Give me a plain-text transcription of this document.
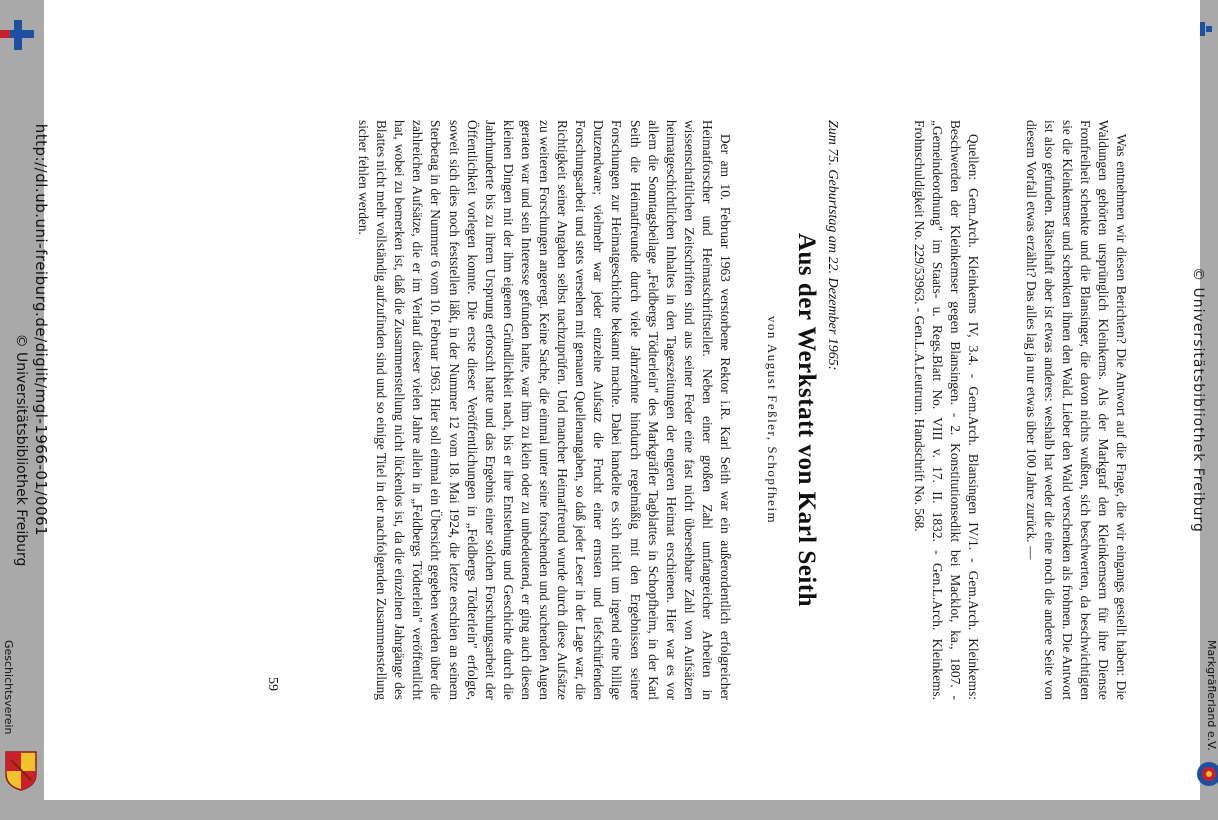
© Universitätsbibliothek Freiburg
Markgräflerland e.V.

Was entnehmen wir diesen Berichten? Die Antwort auf die Frage, die wir eingangs gestellt haben: Die Waldungen gehörten ursprünglich Kleinkems. Als der Markgraf den Kleinkemsern für ihre Dienste Fronfreiheit schenkte und die Blansinger, die davon nichts wußten, sich beschwerten, da beschwichtigten sie die Kleinkemser und schenkten ihnen den Wald. Lieber den Wald verschenken als frohnen. Die Antwort ist also gefunden. Rätselhaft aber ist etwas anderes: weshalb hat weder die eine noch die andere Seite von diesem Vorfall etwas erzählt? Das alles lag ja nur etwas über 100 Jahre zurück. —

Quellen: Gem.Arch. Kleinkems IV, 3.4. - Gem.Arch. Blansingen IV/1. - Gem.Arch. Kleinkems: Beschwerden der Kleinkemser gegen Blansingen. - 2. Konstitutionsedikt bei Macklot, ka., 1807. - „Gemeindeordnung" im Staats- u. Regs.Blatt No. VIII v. 17. II. 1832. - Gen.L.Arch. Kleinkems. Frohnschuldigkeit No. 229/53963. - Gen.L.A.Leutrum. Handschrift No. 568.

Zum 75. Geburtstag am 22. Dezember 1965:
Aus der Werkstatt von Karl Seith
von August Feßler, Schopfheim

Der am 10. Februar 1963 verstorbene Rektor i.R. Karl Seith war ein außerordentlich erfolgreicher Heimatforscher und Heimatschriftsteller. Neben einer großen Zahl umfangreicher Arbeiten in wissenschaftlichen Zeitschriften sind aus seiner Feder eine fast nicht übersehbare Zahl von Aufsätzen heimatgeschichtlichen Inhaltes in den Tageszeitungen der engeren Heimat erschienen. Hier war es vor allem die Sonntagsbeilage „Feldbergs Tödterlein" des Markgräfler Tagblattes in Schopfheim, in der Karl Seith die Heimatfreunde durch viele Jahrzehnte hindurch regelmäßig mit den Ergebnissen seiner Forschungen zur Heimatgeschichte bekannt machte. Dabei handelte es sich nicht um irgend eine billige Dutzendware; vielmehr war jeder einzelne Aufsatz die Frucht einer ernsten und tiefschürfenden Forschungsarbeit und stets versehen mit genauen Quellenangaben, so daß jeder Leser in der Lage war, die Richtigkeit seiner Angaben selbst nachzuprüfen. Und mancher Heimatfreund wurde durch diese Aufsätze zu weiteren Forschungen angeregt. Keine Sache, die einmal unter seine forschenden und suchenden Augen geraten war und sein Interesse gefunden hatte, war ihm zu klein oder zu unbedeutend, er ging auch diesen kleinen Dingen mit der ihm eigenen Gründlichkeit nach, bis er ihre Entstehung und Geschichte durch die Jahrhunderte bis zu ihrem Ursprung erforscht hatte und das Ergebnis einer solchen Forschungsarbeit der Öffentlichkeit vorlegen konnte. Die erste dieser Veröffentlichungen in „Feldbergs Tödterlein" erfolgte, soweit sich dies noch feststellen läßt, in der Nummer 12 vom 18. Mai 1924, die letzte erschien an seinem Sterbetag in der Nummer 6 vom 10. Februar 1963. Hier soll einmal ein Übersicht gegeben werden über die zahlreichen Aufsätze, die er im Verlauf dieser vielen Jahre allein in „Feldbergs Tödterlein" veröffentlicht hat, wobei zu bemerken ist, daß die Zusammenstellung nicht lückenlos ist, da die einzelnen Jahrgänge des Blattes nicht mehr vollständig aufzufinden sind und so einige Titel in der nachfolgenden Zusammenstellung sicher fehlen werden.

59
http://dl.ub.uni-freiburg.de/diglit/mgl-1966-01/0061
© Universitätsbibliothek Freiburg
Geschichtsverein
